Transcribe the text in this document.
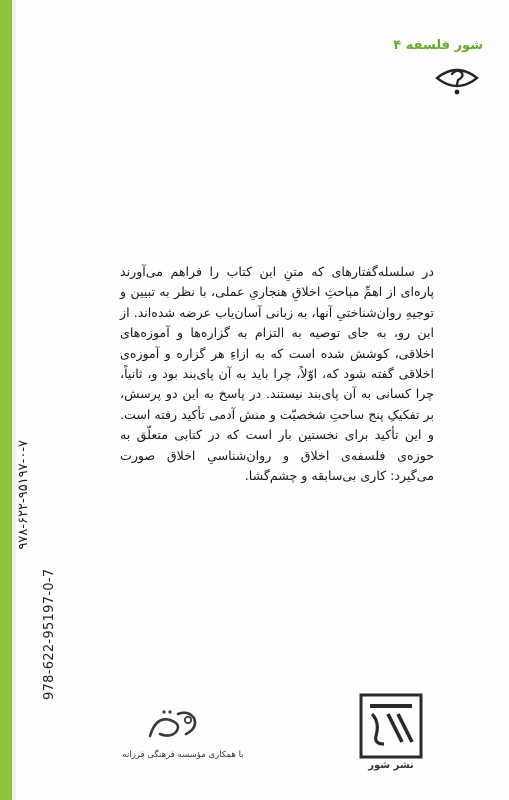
978-622-95197-0-7
۹۷۸-۶۲۲-۹۵۱۹۷-۰-۷
شور فلسفه ۴

در سلسله‌گفتارهای که متنِ این کتاب را فراهم می‌آورند پاره‌ای از اهمِّ مباحثِ اخلاقِ هنجاریِ عملی، با نظر به تبیین و توجیهِ روان‌شناختیِ آنها، به زبانی آسان‌یاب عرضه شده‌اند. از این رو، به جای توصیه به التزام به گزاره‌ها و آموزه‌های اخلاقی، کوشش شده است که به ازاءِ هر گزاره و آموزه‌ی اخلاقی گفته شود که، اوّلاً، چرا باید به آن پای‌بند بود و، ثانیاً، چرا کسانی به آن پای‌بند نیستند. در پاسخ به این دو پرسش، بر تفکیکِ پنج ساحتِ شخصیّت و منش آدمی تأکید رفته است. و این تأکید برای نخستین بار است که در کتابی متعلّق به حوزه‌ی فلسفه‌ی اخلاق و روان‌شناسیِ اخلاق صورت می‌گیرد: کاری بی‌سابقه و چشم‌گشا.

با همکاری مؤسسه فرهنگی فرزانه
نشر شور
